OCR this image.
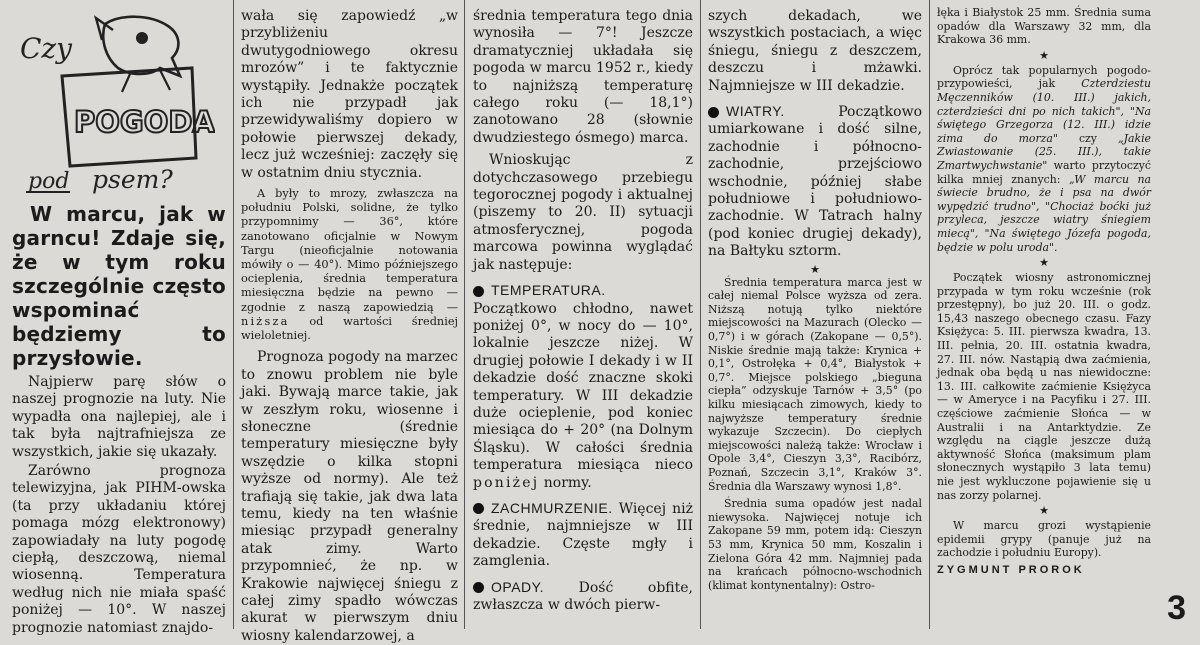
Czy
POGODA
pod psem?

W marcu, jak w garncu! Zdaje się, że w tym roku szczególnie często wspominać będziemy to przysłowie.

Najpierw parę słów o naszej prognozie na luty. Nie wypadła ona najlepiej, ale i tak była najtrafniejsza ze wszystkich, jakie się ukazały.

Zarówno prognoza telewizyjna, jak PIHM-owska (ta przy układaniu której pomaga mózg elektronowy) zapowiadały na luty pogodę ciepłą, deszczową, niemal wiosenną. Temperatura według nich nie miała spaść poniżej — 10°. W naszej prognozie natomiast znajdo-

wała się zapowiedź „w przybliżeniu dwutygodniowego okresu mrozów” i te faktycznie wystąpiły. Jednakże początek ich nie przypadł jak przewidywaliśmy dopiero w połowie pierwszej dekady, lecz już wcześniej: zaczęły się w ostatnim dniu stycznia.

A były to mrozy, zwłaszcza na południu Polski, solidne, że tylko przypomnimy — 36°, które zanotowano oficjalnie w Nowym Targu (nieoficjalnie notowania mówiły o — 40°). Mimo późniejszego ocieplenia, średnia temperatura miesięczna będzie na pewno — zgodnie z naszą zapowiedzią — niższa od wartości średniej wieloletniej.

Prognoza pogody na marzec to znowu problem nie byle jaki. Bywają marce takie, jak w zeszłym roku, wiosenne i słoneczne (średnie temperatury miesięczne były wszędzie o kilka stopni wyższe od normy). Ale też trafiają się takie, jak dwa lata temu, kiedy na ten właśnie miesiąc przypadł generalny atak zimy. Warto przypomnieć, że np. w Krakowie najwięcej śniegu z całej zimy spadło wówczas akurat w pierwszym dniu wiosny kalendarzowej, a

średnia temperatura tego dnia wynosiła — 7°! Jeszcze dramatyczniej układała się pogoda w marcu 1952 r., kiedy to najniższą temperaturę całego roku (— 18,1°) zanotowano 28 (słownie dwudziestego ósmego) marca.

Wnioskując z dotychczasowego przebiegu tegorocznej pogody i aktualnej (piszemy to 20. II) sytuacji atmosferycznej, pogoda marcowa powinna wyglądać jak następuje:

TEMPERATURA. Początkowo chłodno, nawet poniżej 0°, w nocy do — 10°, lokalnie jeszcze niżej. W drugiej połowie I dekady i w II dekadzie dość znaczne skoki temperatury. W III dekadzie duże ocieplenie, pod koniec miesiąca do + 20° (na Dolnym Śląsku). W całości średnia temperatura miesiąca nieco poniżej normy.

ZACHMURZENIE. Więcej niż średnie, najmniejsze w III dekadzie. Częste mgły i zamglenia.

OPADY. Dość obfite, zwłaszcza w dwóch pierw-

szych dekadach, we wszystkich postaciach, a więc śniegu, śniegu z deszczem, deszczu i mżawki. Najmniejsze w III dekadzie.

WIATRY.	Początkowo umiarkowane i dość silne, zachodnie i północno-zachodnie, przejściowo wschodnie, później słabe południowe i południowo-zachodnie. W Tatrach halny (pod koniec drugiej dekady), na Bałtyku sztorm.

★

Średnia temperatura marca jest w całej niemal Polsce wyższa od zera. Niższą notują tylko niektóre miejscowości na Mazurach (Olecko — 0,7°) i w górach (Zakopane — 0,5°). Niskie średnie mają także: Krynica + 0,1°, Ostrołęka + 0,4°, Białystok + 0,7°. Miejsce polskiego „bieguna ciepła” odzyskuje Tarnów + 3,5° (po kilku miesiącach zimowych, kiedy to najwyższe temperatury średnie wykazuje Szczecin). Do ciepłych miejscowości należą także: Wrocław i Opole 3,4°, Cieszyn 3,3°, Racibórz, Poznań, Szczecin 3,1°, Kraków 3°. Średnia dla Warszawy wynosi 1,8°.

Średnia suma opadów jest nadal niewysoka. Najwięcej notuje ich Zakopane 59 mm, potem idą: Cieszyn 53 mm, Krynica 50 mm, Koszalin i Zielona Góra 42 mm. Najmniej pada na krańcach północno-wschodnich (klimat kontynentalny): Ostro-

łęka i Białystok 25 mm. Średnia suma opadów dla Warszawy 32 mm, dla Krakowa 36 mm.

★

Oprócz tak popularnych pogodo-przypowieści, jak Czterdziestu Męczenników (10. III.) jakich, czterdzieści dni po nich takich", "Na świętego Grzegorza (12. III.) idzie zima do morza" czy „Jakie Zwiastowanie (25. III.), takie Zmartwychwstanie" warto przytoczyć kilka mniej znanych: „W marcu na świecie brudno, że i psa na dwór wypędzić trudno", "Chociaż boćki już przyleca, jeszcze wiatry śniegiem miecą", "Na świętego Józefa pogoda, będzie w polu uroda".

★

Początek wiosny astronomicznej przypada w tym roku wcześnie (rok przestępny), bo już 20. III. o godz. 15,43 naszego obecnego czasu. Fazy Księżyca: 5. III. pierwsza kwadra, 13. III. pełnia, 20. III. ostatnia kwadra, 27. III. nów. Nastąpią dwa zaćmienia, jednak oba będą u nas niewidoczne: 13. III. całkowite zaćmienie Księżyca — w Ameryce i na Pacyfiku i 27. III. częściowe zaćmienie Słońca — w Australii i na Antarktydzie. Ze względu na ciągle jeszcze dużą aktywność Słońca (maksimum plam słonecznych wystąpiło 3 lata temu) nie jest wykluczone pojawienie się u nas zorzy polarnej.

★

W marcu grozi wystąpienie epidemii grypy (panuje już na zachodzie i południu Europy).

ZYGMUNT PROROK
3
